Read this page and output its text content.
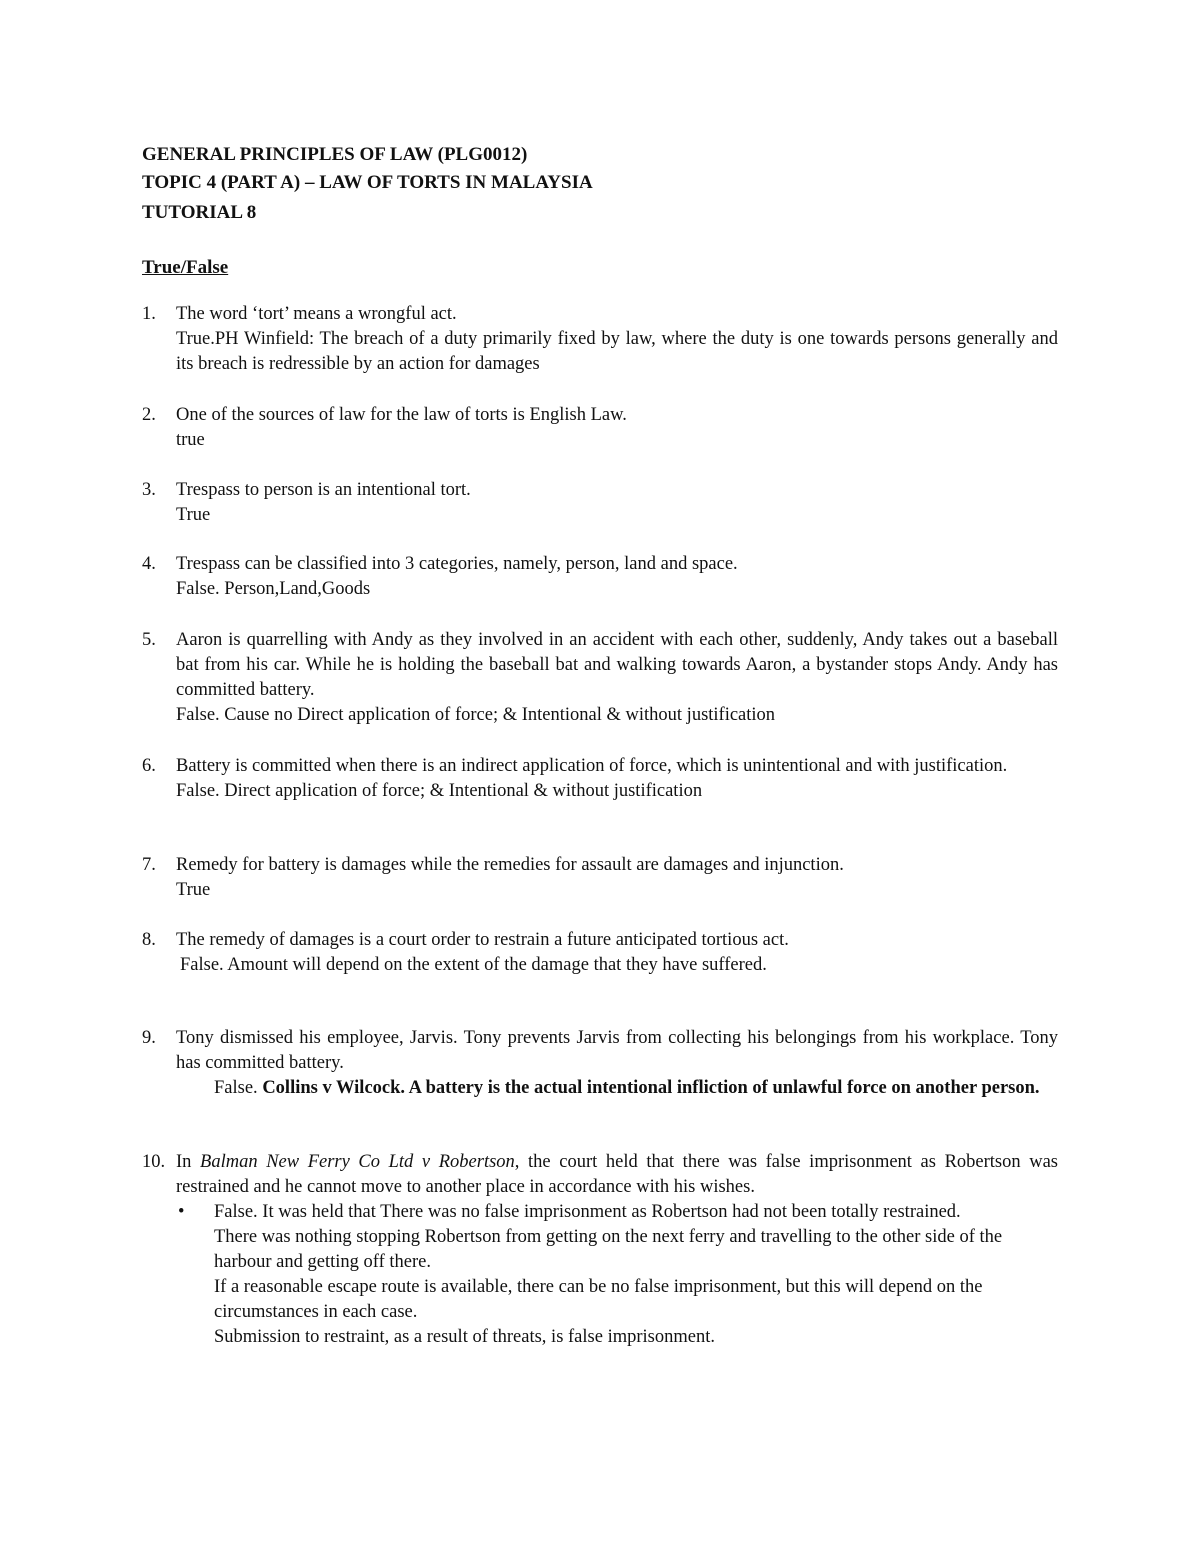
GENERAL PRINCIPLES OF LAW (PLG0012)
TOPIC 4 (PART A) – LAW OF TORTS IN MALAYSIA
TUTORIAL 8
True/False
1.	The word ‘tort’ means a wrongful act.
True.PH Winfield: The breach of a duty primarily fixed by law, where the duty is one towards persons generally and its breach is redressible by an action for damages
2.	One of the sources of law for the law of torts is English Law.
true
3.	Trespass to person is an intentional tort.
True
4.	Trespass can be classified into 3 categories, namely, person, land and space.
False. Person,Land,Goods
5.	Aaron is quarrelling with Andy as they involved in an accident with each other, suddenly, Andy takes out a baseball bat from his car. While he is holding the baseball bat and walking towards Aaron, a bystander stops Andy. Andy has committed battery.
False. Cause no Direct application of force; & Intentional & without justification
6.	Battery is committed when there is an indirect application of force, which is unintentional and with justification.
False. Direct application of force; & Intentional & without justification
7.	Remedy for battery is damages while the remedies for assault are damages and injunction.
True
8.	The remedy of damages is a court order to restrain a future anticipated tortious act.
False. Amount will depend on the extent of the damage that they have suffered.
9.	Tony dismissed his employee, Jarvis. Tony prevents Jarvis from collecting his belongings from his workplace. Tony has committed battery.
False. Collins v Wilcock. A battery is the actual intentional infliction of unlawful force on another person.
10. In Balman New Ferry Co Ltd v Robertson, the court held that there was false imprisonment as Robertson was restrained and he cannot move to another place in accordance with his wishes.
• False. It was held that There was no false imprisonment as Robertson had not been totally restrained.
There was nothing stopping Robertson from getting on the next ferry and travelling to the other side of the harbour and getting off there.
If a reasonable escape route is available, there can be no false imprisonment, but this will depend on the circumstances in each case.
Submission to restraint, as a result of threats, is false imprisonment.
